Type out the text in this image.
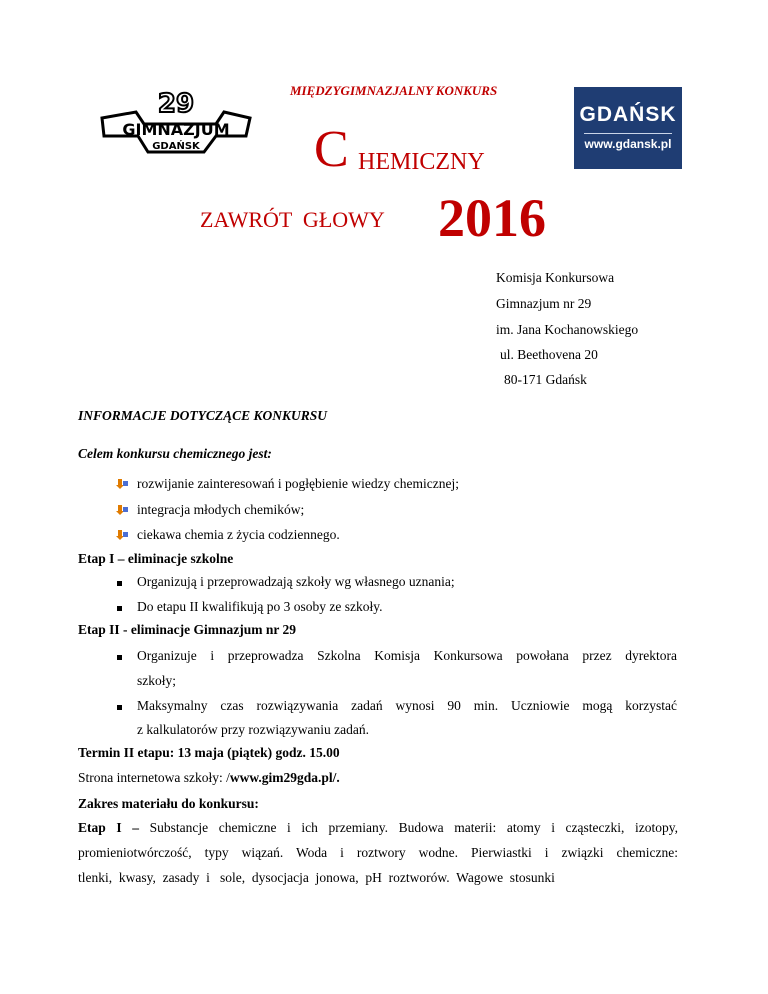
MIĘDZYGIMNAZJALNY KONKURS
29
GIMNAZJUM
GDAŃSK C HEMICZNY
ZAWRÓT  GŁOWY 2016
GDAŃSK
www.gdansk.pl
Komisja Konkursowa
Gimnazjum nr 29
im. Jana Kochanowskiego
ul. Beethovena 20
80-171 Gdańsk
INFORMACJE DOTYCZĄCE KONKURSU
Celem konkursu chemicznego jest:
rozwijanie zainteresowań i pogłębienie wiedzy chemicznej;
integracja młodych chemików;
ciekawa chemia z życia codziennego.
Etap I – eliminacje szkolne
Organizują i przeprowadzają szkoły wg własnego uznania;
Do etapu II kwalifikują po 3 osoby ze szkoły.
Etap II - eliminacje Gimnazjum nr 29
Organizuje i przeprowadza Szkolna Komisja Konkursowa powołana przez dyrektora
szkoły;
Maksymalny czas rozwiązywania zadań wynosi 90 min. Uczniowie mogą korzystać
z kalkulatorów przy rozwiązywaniu zadań.
Termin II etapu: 13 maja (piątek) godz. 15.00
Strona internetowa szkoły: /www.gim29gda.pl/.
Zakres materiału do konkursu:
Etap I – Substancje chemiczne i ich przemiany. Budowa materii: atomy i cząsteczki, izotopy,
promieniotwórczość, typy wiązań. Woda i roztwory wodne. Pierwiastki i związki chemiczne:
tlenki,  kwasy,  zasady  i   sole,  dysocjacja  jonowa,  pH  roztworów.  Wagowe  stosunki
